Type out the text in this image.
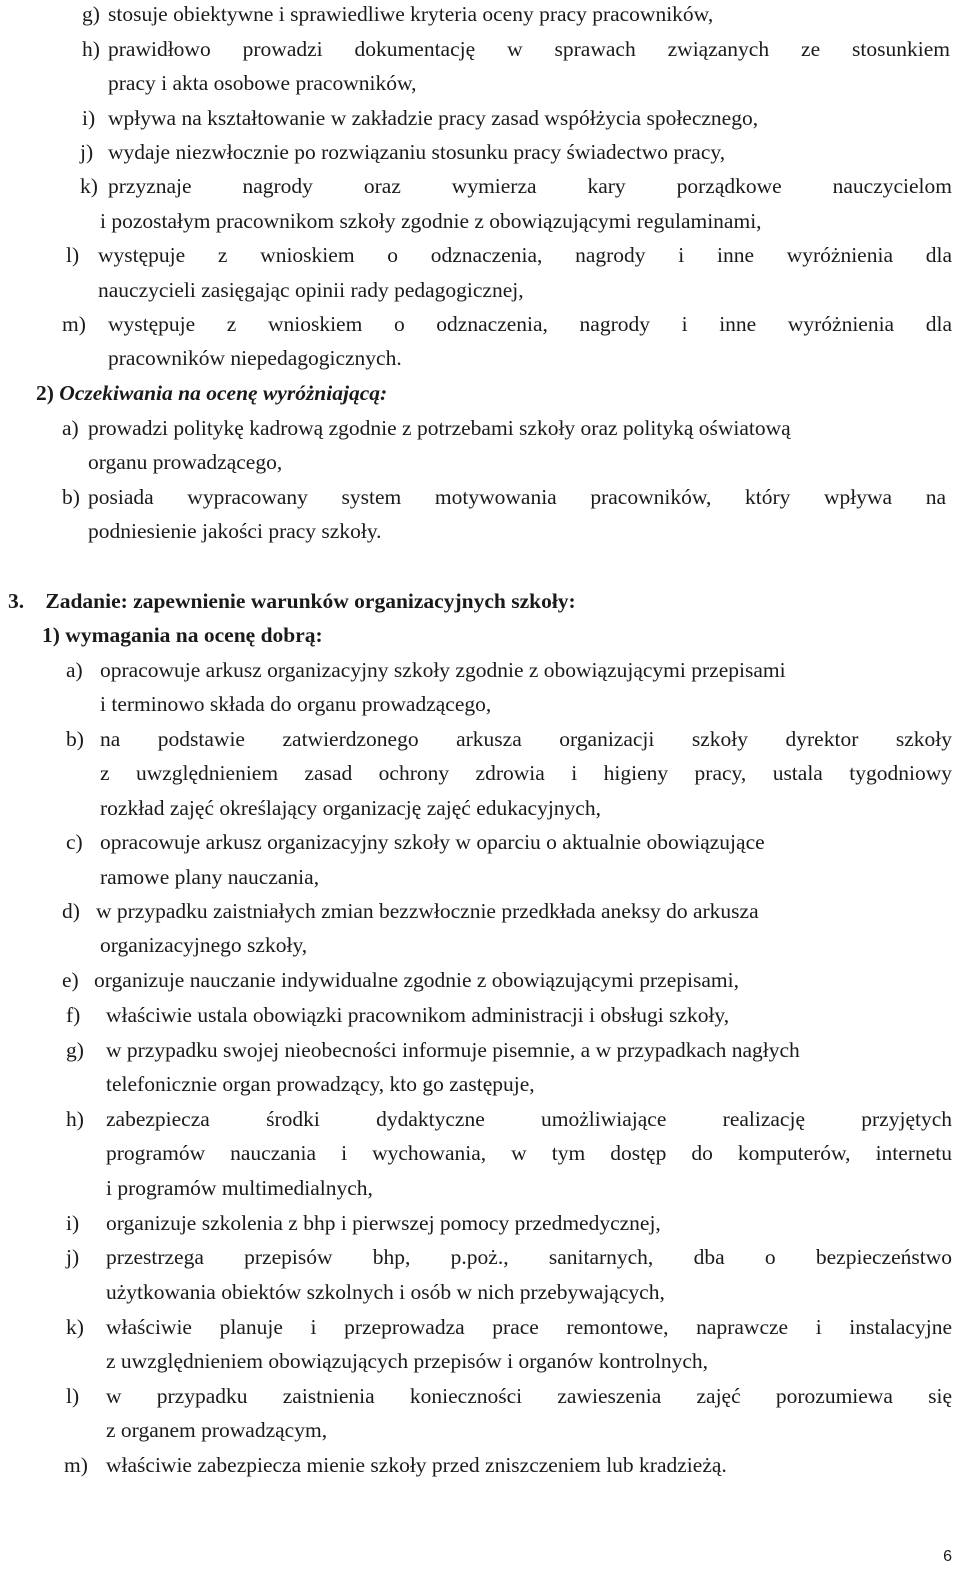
g) stosuje obiektywne i sprawiedliwe kryteria oceny pracy pracowników,
h) prawidłowo prowadzi dokumentację w sprawach związanych ze stosunkiem
pracy i akta osobowe pracowników,
i) wpływa na kształtowanie w zakładzie pracy zasad współżycia społecznego,
j) wydaje niezwłocznie po rozwiązaniu stosunku pracy świadectwo pracy,
k) przyznaje nagrody oraz wymierza kary porządkowe nauczycielom
i pozostałym pracownikom szkoły zgodnie z obowiązującymi regulaminami,
l) występuje z wnioskiem o odznaczenia, nagrody i inne wyróżnienia dla
nauczycieli zasięgając opinii rady pedagogicznej,
m)	występuje z wnioskiem o odznaczenia, nagrody i inne wyróżnienia dla
pracowników niepedagogicznych.
2) Oczekiwania na ocenę wyróżniającą:
a) prowadzi politykę kadrową zgodnie z potrzebami szkoły oraz polityką oświatową
organu prowadzącego,
b) posiada wypracowany system motywowania pracowników, który wpływa na
podniesienie jakości pracy szkoły.
3. Zadanie: zapewnienie warunków organizacyjnych szkoły:
1) wymagania na ocenę dobrą:
a) opracowuje arkusz organizacyjny szkoły zgodnie z obowiązującymi przepisami
i terminowo składa do organu prowadzącego,
b) na podstawie zatwierdzonego arkusza organizacji szkoły dyrektor szkoły
z uwzględnieniem zasad ochrony zdrowia i higieny pracy, ustala tygodniowy
rozkład zajęć określający organizację zajęć edukacyjnych,
c) opracowuje arkusz organizacyjny szkoły w oparciu o aktualnie obowiązujące
ramowe plany nauczania,
d) w przypadku zaistniałych zmian bezzwłocznie przedkłada aneksy do arkusza
organizacyjnego szkoły,
e) organizuje nauczanie indywidualne zgodnie z obowiązującymi przepisami,
f)	właściwie ustala obowiązki pracownikom administracji i obsługi szkoły,
g)	w przypadku swojej nieobecności informuje pisemnie, a w przypadkach nagłych
telefonicznie organ prowadzący, kto go zastępuje,
h)	zabezpiecza środki dydaktyczne umożliwiające realizację przyjętych
programów nauczania i wychowania, w tym dostęp do komputerów, internetu
i programów multimedialnych,
i)	organizuje szkolenia z bhp i pierwszej pomocy przedmedycznej,
j)	przestrzega przepisów bhp, p.poż., sanitarnych, dba o bezpieczeństwo
użytkowania obiektów szkolnych i osób w nich przebywających,
k)	właściwie planuje i przeprowadza prace remontowe, naprawcze i instalacyjne
z uwzględnieniem obowiązujących przepisów i organów kontrolnych,
l)	w przypadku zaistnienia konieczności zawieszenia zajęć porozumiewa się
z organem prowadzącym,
m) właściwie zabezpiecza mienie szkoły przed zniszczeniem lub kradzieżą.
6
